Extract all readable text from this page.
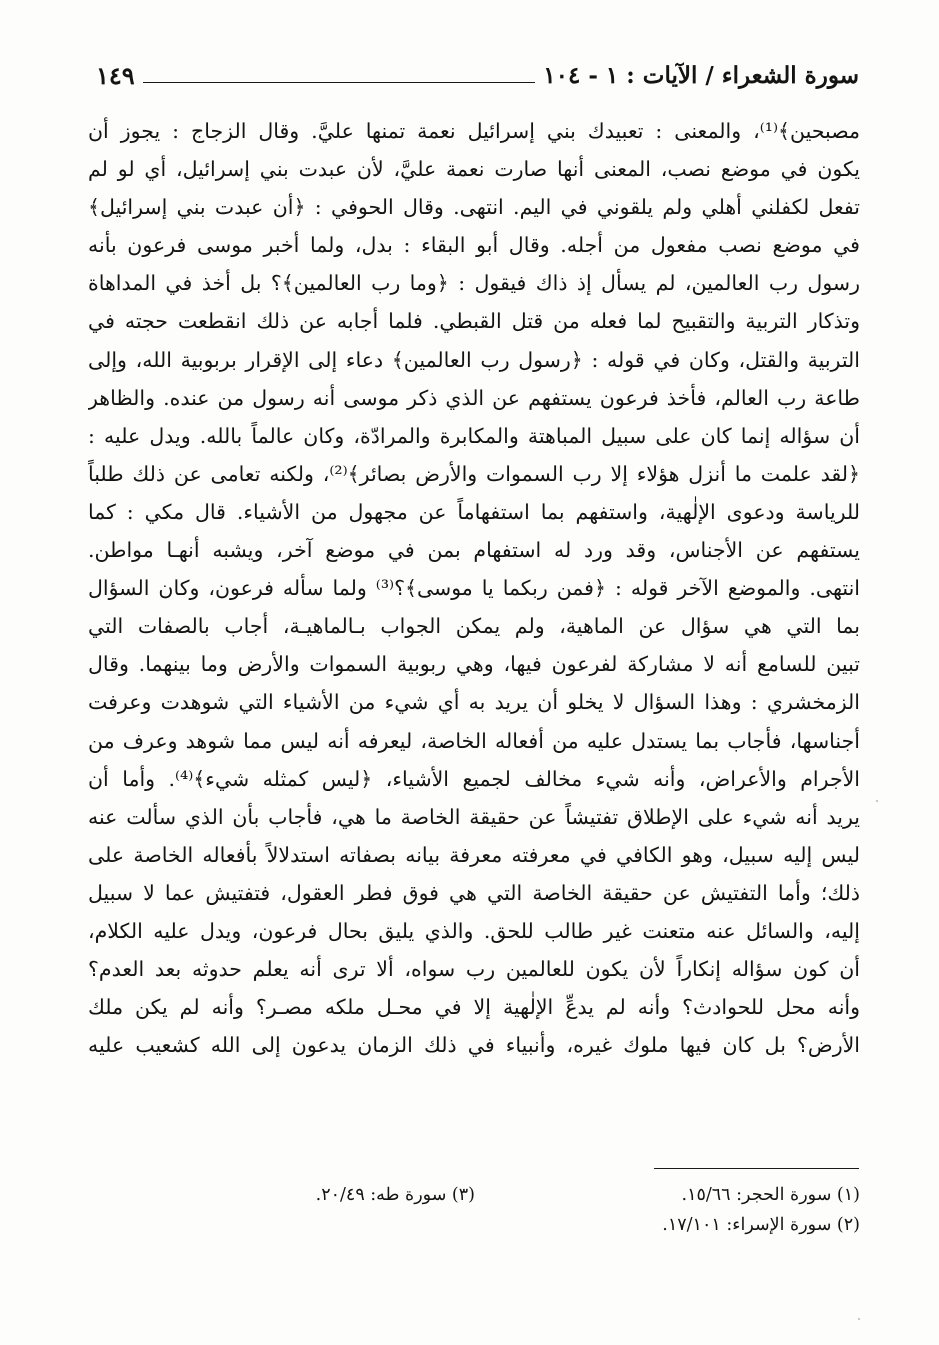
سورة الشعراء / الآيات : ١ - ١٠٤
١٤٩
مصبحين﴾⁽¹⁾، والمعنى : تعبيدك بني إسرائيل نعمة تمنها عليَّ. وقال الزجاج : يجوز أن
يكون في موضع نصب، المعنى أنها صارت نعمة عليَّ، لأن عبدت بني إسرائيل، أي لو لم
تفعل لكفلني أهلي ولم يلقوني في اليم. انتهى. وقال الحوفي : ﴿أن عبدت بني إسرائيل﴾
في موضع نصب مفعول من أجله. وقال أبو البقاء : بدل، ولما أخبر موسى فرعون بأنه
رسول رب العالمين، لم يسأل إذ ذاك فيقول : ﴿وما رب العالمين﴾؟ بل أخذ في المداهاة
وتذكار التربية والتقبيح لما فعله من قتل القبطي. فلما أجابه عن ذلك انقطعت حجته في
التربية والقتل، وكان في قوله : ﴿رسول رب العالمين﴾ دعاء إلى الإقرار بربوبية الله، وإلى
طاعة رب العالم، فأخذ فرعون يستفهم عن الذي ذكر موسى أنه رسول من عنده. والظاهر
أن سؤاله إنما كان على سبيل المباهتة والمكابرة والمرادّة، وكان عالماً بالله. ويدل عليه :
﴿لقد علمت ما أنزل هؤلاء إلا رب السموات والأرض بصائر﴾⁽²⁾، ولكنه تعامى عن ذلك طلباً
للرياسة ودعوى الإلٰهية، واستفهم بما استفهاماً عن مجهول من الأشياء. قال مكي : كما
يستفهم عن الأجناس، وقد ورد له استفهام بمن في موضع آخر، ويشبه أنهـا مواطن.
انتهى. والموضع الآخر قوله : ﴿فمن ربكما يا موسى﴾؟⁽³⁾ ولما سأله فرعون، وكان السؤال
بما التي هي سؤال عن الماهية، ولم يمكن الجواب بـالماهيـة، أجاب بالصفات التي
تبين للسامع أنه لا مشاركة لفرعون فيها، وهي ربوبية السموات والأرض وما بينهما. وقال
الزمخشري : وهذا السؤال لا يخلو أن يريد به أي شيء من الأشياء التي شوهدت وعرفت
أجناسها، فأجاب بما يستدل عليه من أفعاله الخاصة، ليعرفه أنه ليس مما شوهد وعرف من
الأجرام والأعراض، وأنه شيء مخالف لجميع الأشياء، ﴿ليس كمثله شيء﴾⁽⁴⁾. وأما أن
يريد أنه شيء على الإطلاق تفتيشاً عن حقيقة الخاصة ما هي، فأجاب بأن الذي سألت عنه
ليس إليه سبيل، وهو الكافي في معرفته معرفة بيانه بصفاته استدلالاً بأفعاله الخاصة على
ذلك؛ وأما التفتيش عن حقيقة الخاصة التي هي فوق فطر العقول، فتفتيش عما لا سبيل
إليه، والسائل عنه متعنت غير طالب للحق. والذي يليق بحال فرعون، ويدل عليه الكلام،
أن كون سؤاله إنكاراً لأن يكون للعالمين رب سواه، ألا ترى أنه يعلم حدوثه بعد العدم؟
وأنه محل للحوادث؟ وأنه لم يدعِّ الإلٰهية إلا في محـل ملكه مصـر؟ وأنه لم يكن ملك
الأرض؟ بل كان فيها ملوك غيره، وأنبياء في ذلك الزمان يدعون إلى الله كشعيب عليه
(١) سورة الحجر: ١٥/٦٦.
(٣) سورة طه: ٢٠/٤٩.
(٢) سورة الإسراء: ١٧/١٠١.
